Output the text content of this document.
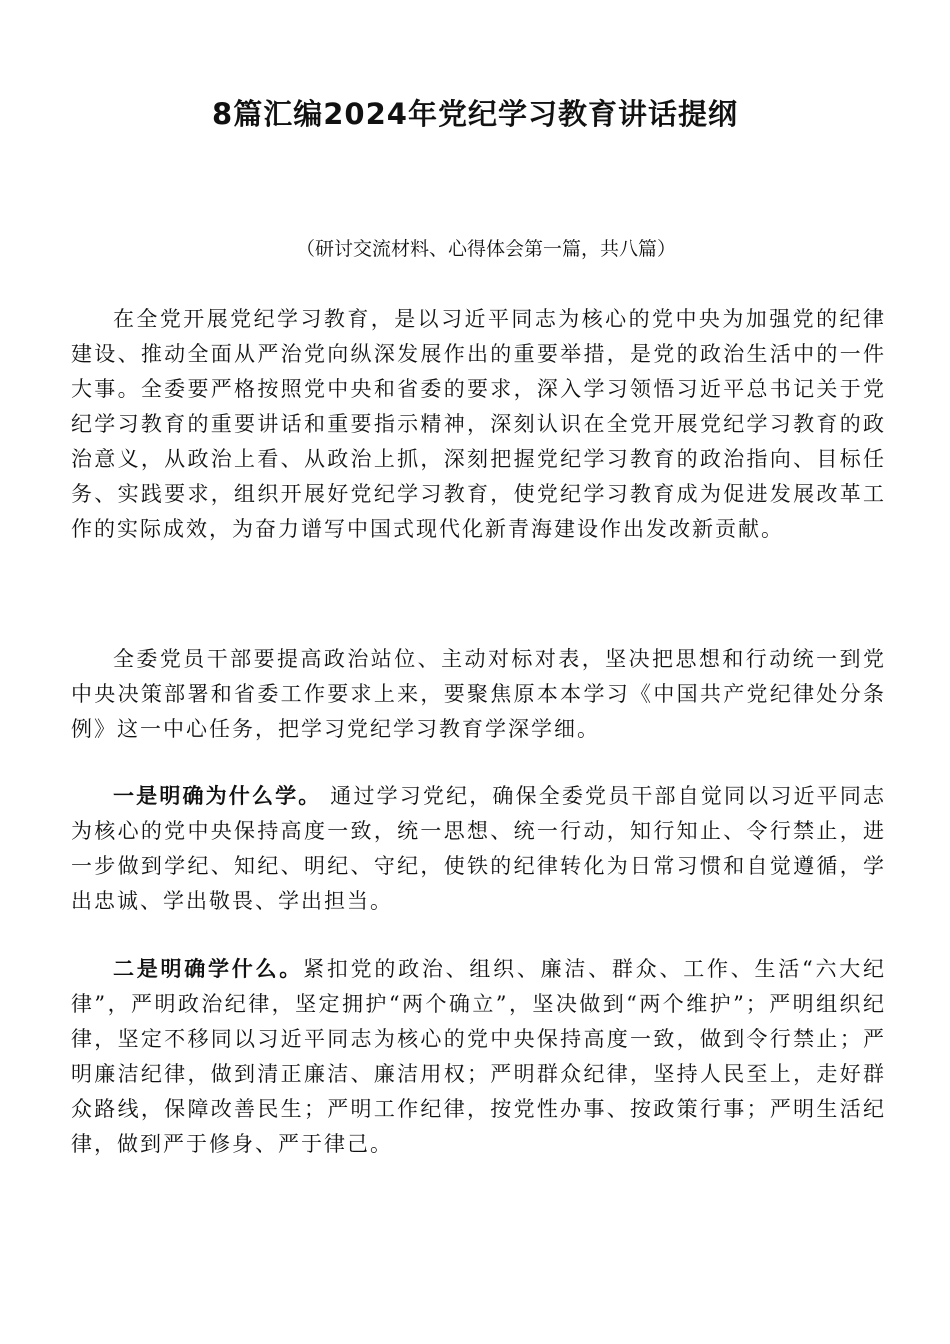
8篇汇编2024年党纪学习教育讲话提纲

（研讨交流材料、心得体会第一篇，共八篇）

在全党开展党纪学习教育，是以习近平同志为核心的党中央为加强党的纪律建设、推动全面从严治党向纵深发展作出的重要举措，是党的政治生活中的一件大事。全委要严格按照党中央和省委的要求，深入学习领悟习近平总书记关于党纪学习教育的重要讲话和重要指示精神，深刻认识在全党开展党纪学习教育的政治意义，从政治上看、从政治上抓，深刻把握党纪学习教育的政治指向、目标任务、实践要求，组织开展好党纪学习教育，使党纪学习教育成为促进发展改革工作的实际成效，为奋力谱写中国式现代化新青海建设作出发改新贡献。

全委党员干部要提高政治站位、主动对标对表，坚决把思想和行动统一到党中央决策部署和省委工作要求上来，要聚焦原本本学习《中国共产党纪律处分条例》这一中心任务，把学习党纪学习教育学深学细。

一是明确为什么学。 通过学习党纪，确保全委党员干部自觉同以习近平同志为核心的党中央保持高度一致，统一思想、统一行动，知行知止、令行禁止，进一步做到学纪、知纪、明纪、守纪，使铁的纪律转化为日常习惯和自觉遵循，学出忠诚、学出敬畏、学出担当。

二是明确学什么。紧扣党的政治、组织、廉洁、群众、工作、生活“六大纪律”，严明政治纪律，坚定拥护“两个确立”，坚决做到“两个维护”；严明组织纪律，坚定不移同以习近平同志为核心的党中央保持高度一致，做到令行禁止；严明廉洁纪律，做到清正廉洁、廉洁用权；严明群众纪律，坚持人民至上，走好群众路线，保障改善民生；严明工作纪律，按党性办事、按政策行事；严明生活纪律，做到严于修身、严于律己。
